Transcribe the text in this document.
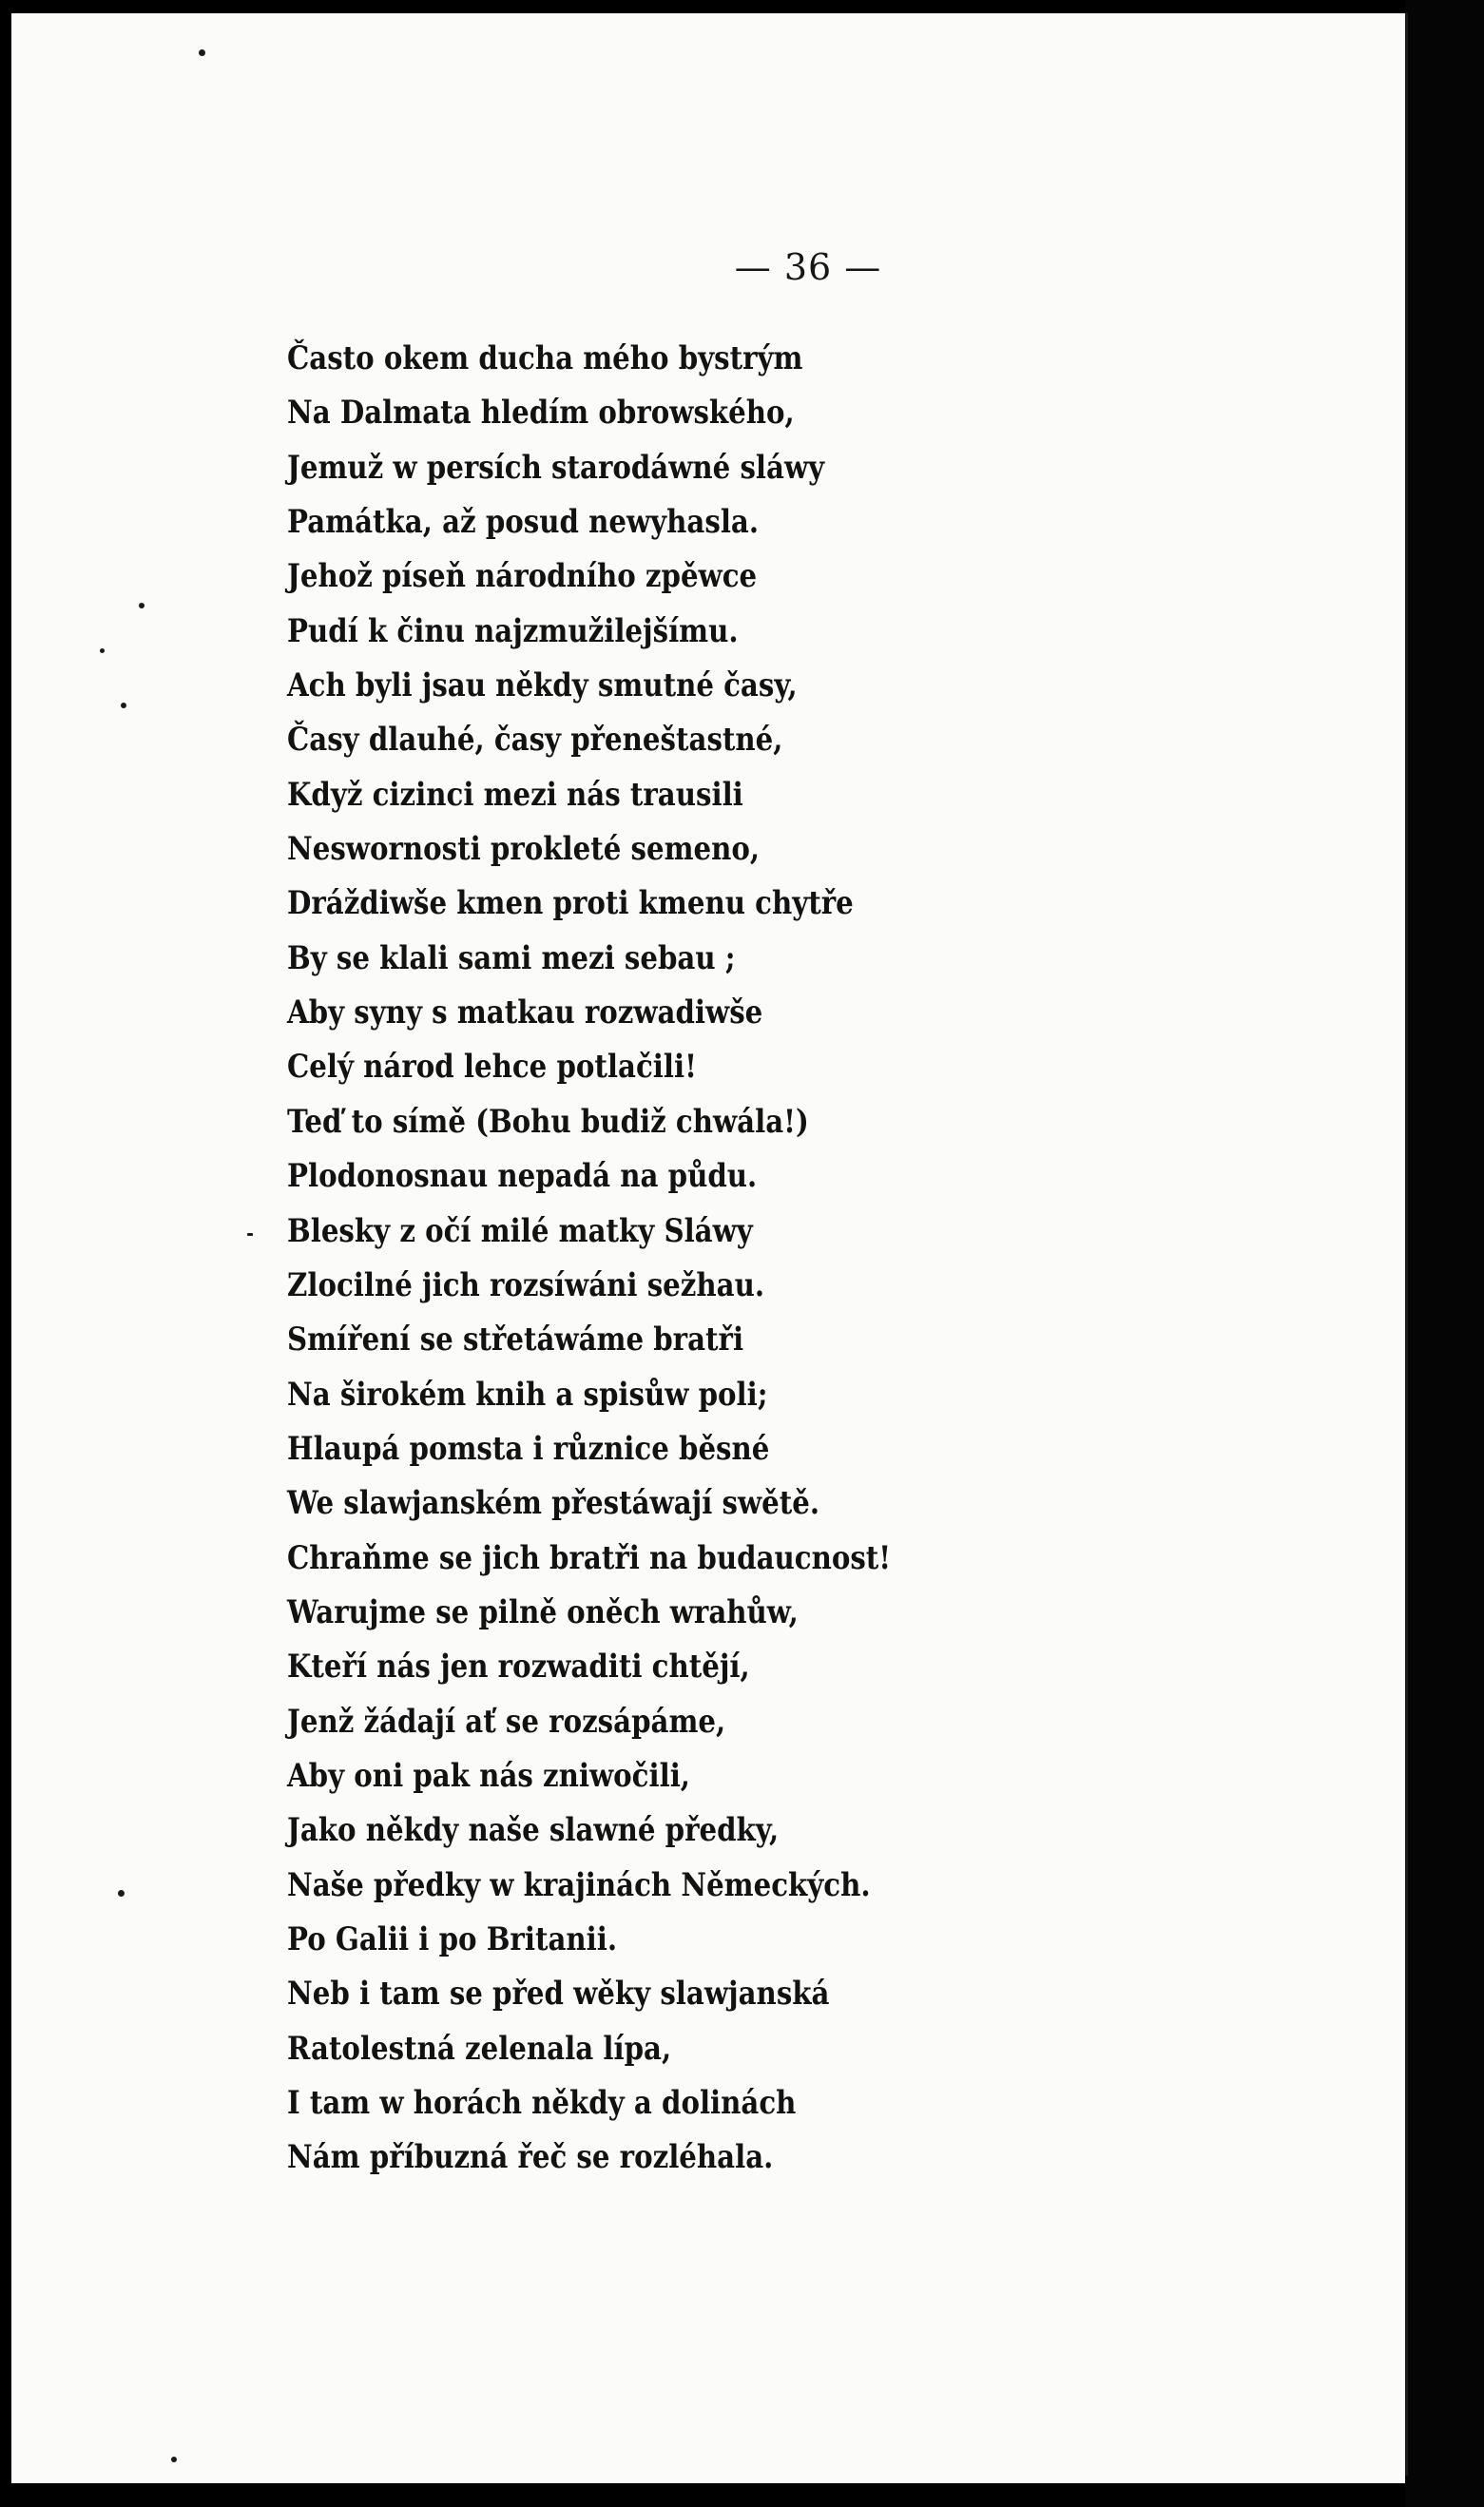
— 36 —
Často okem ducha mého bystrým
Na Dalmata hledím obrowského,
Jemuž w persích starodáwné sláwy
Památka, až posud newyhasla.
Jehož píseň národního zpěwce
Pudí k činu najzmužilejšímu.
Ach byli jsau někdy smutné časy,
Časy dlauhé, časy přeneštastné,
Když cizinci mezi nás trausili
Neswornosti prokleté semeno,
Dráždiwše kmen proti kmenu chytře
By se klali sami mezi sebau ;
Aby syny s matkau rozwadiwše
Celý národ lehce potlačili!
Teď to símě (Bohu budiž chwála!)
Plodonosnau nepadá na půdu.
Blesky z očí milé matky Sláwy
Zlocilné jich rozsíwáni sežhau.
Smíření se střetáwáme bratři
Na širokém knih a spisůw poli;
Hlaupá pomsta i různice běsné
We slawjanském přestáwají swětě.
Chraňme se jich bratři na budaucnost!
Warujme se pilně oněch wrahůw,
Kteří nás jen rozwaditi chtějí,
Jenž žádají ať se rozsápáme,
Aby oni pak nás zniwočili,
Jako někdy naše slawné předky,
Naše předky w krajinách Německých.
Po Galii i po Britanii.
Neb i tam se před wěky slawjanská
Ratolestná zelenala lípa,
I tam w horách někdy a dolinách
Nám příbuzná řeč se rozléhala.
